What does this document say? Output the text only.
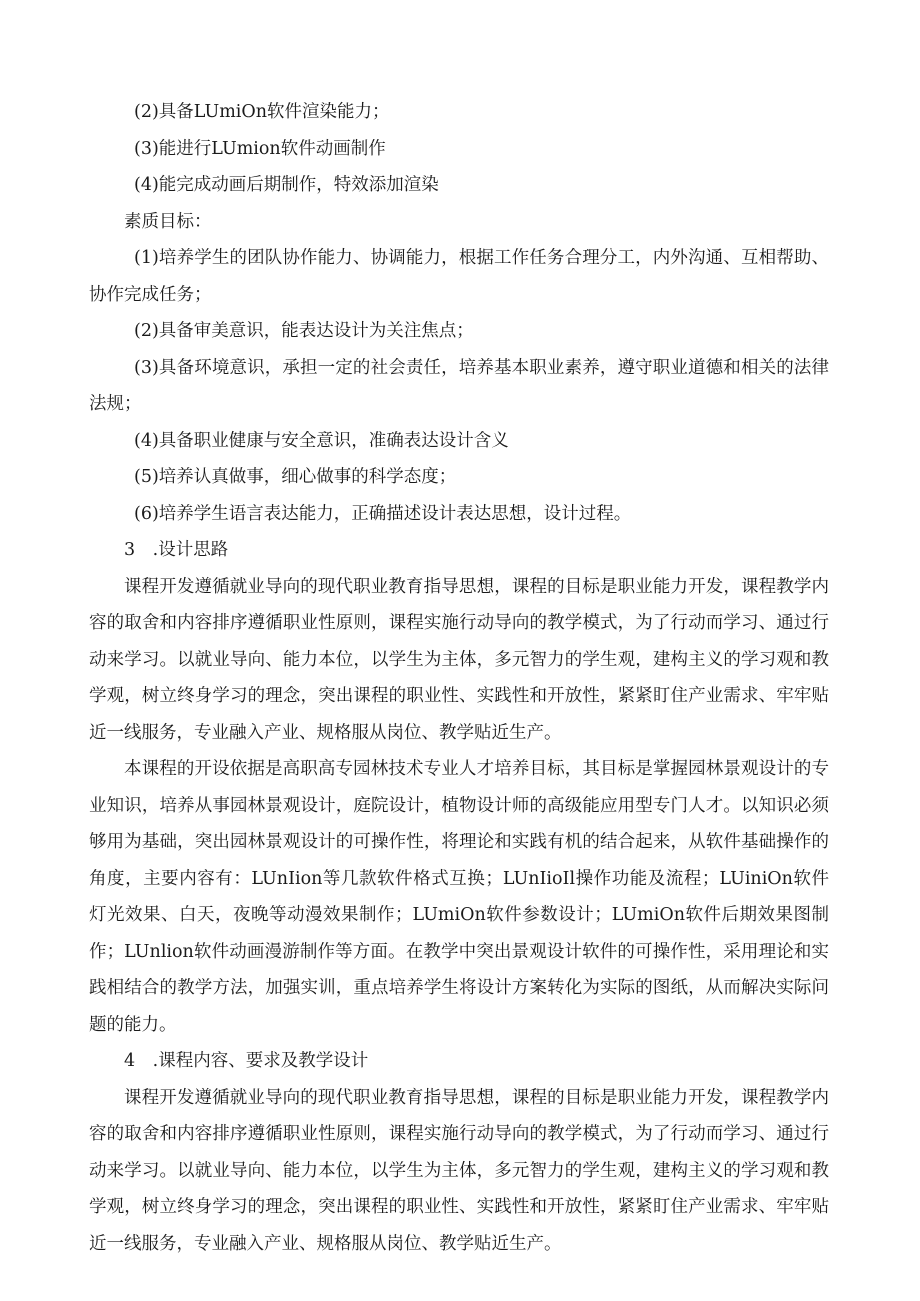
(2)具备LUmiOn软件渲染能力；

(3)能进行LUmion软件动画制作

(4)能完成动画后期制作，特效添加渲染

素质目标：

(1)培养学生的团队协作能力、协调能力，根据工作任务合理分工，内外沟通、互相帮助、协作完成任务；

(2)具备审美意识，能表达设计为关注焦点；

(3)具备环境意识，承担一定的社会责任，培养基本职业素养，遵守职业道德和相关的法律法规；

(4)具备职业健康与安全意识，准确表达设计含义

(5)培养认真做事，细心做事的科学态度；

(6)培养学生语言表达能力，正确描述设计表达思想，设计过程。

3　.设计思路

课程开发遵循就业导向的现代职业教育指导思想，课程的目标是职业能力开发，课程教学内容的取舍和内容排序遵循职业性原则，课程实施行动导向的教学模式，为了行动而学习、通过行动来学习。以就业导向、能力本位，以学生为主体，多元智力的学生观，建构主义的学习观和教学观，树立终身学习的理念，突出课程的职业性、实践性和开放性，紧紧盯住产业需求、牢牢贴近一线服务，专业融入产业、规格服从岗位、教学贴近生产。

本课程的开设依据是高职高专园林技术专业人才培养目标，其目标是掌握园林景观设计的专业知识，培养从事园林景观设计，庭院设计，植物设计师的高级能应用型专门人才。以知识必须够用为基础，突出园林景观设计的可操作性，将理论和实践有机的结合起来，从软件基础操作的角度，主要内容有：LUnIion等几款软件格式互换；LUnIioIl操作功能及流程；LUiniOn软件灯光效果、白天，夜晚等动漫效果制作；LUmiOn软件参数设计；LUmiOn软件后期效果图制作；LUnlion软件动画漫游制作等方面。在教学中突出景观设计软件的可操作性，采用理论和实践相结合的教学方法，加强实训，重点培养学生将设计方案转化为实际的图纸，从而解决实际问题的能力。

4　.课程内容、要求及教学设计

课程开发遵循就业导向的现代职业教育指导思想，课程的目标是职业能力开发，课程教学内容的取舍和内容排序遵循职业性原则，课程实施行动导向的教学模式，为了行动而学习、通过行动来学习。以就业导向、能力本位，以学生为主体，多元智力的学生观，建构主义的学习观和教学观，树立终身学习的理念，突出课程的职业性、实践性和开放性，紧紧盯住产业需求、牢牢贴近一线服务，专业融入产业、规格服从岗位、教学贴近生产。
